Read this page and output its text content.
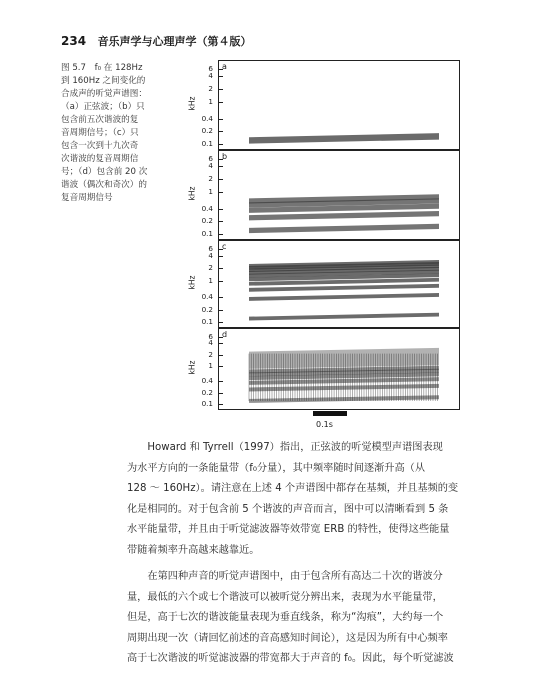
234 音乐声学与心理声学（第４版）
图 5.7　f₀ 在 128Hz
到 160Hz 之间变化的
合成声的听觉声谱图：
（a）正弦波；（b）只
包含前五次谐波的复
音周期信号；（c）只
包含一次到十九次奇
次谐波的复音周期信
号；（d）包含前 20 次
谐波（偶次和奇次）的
复音周期信号
a
b
c
d
0.1s
6
4
2
1
0.4
0.2
0.1
kHz
6
4
2
1
0.4
0.2
0.1
kHz
6
4
2
1
0.4
0.2
0.1
kHz
6
4
2
1
0.4
0.2
0.1
kHz
Howard 和 Tyrrell（1997）指出，正弦波的听觉模型声谱图表现
为水平方向的一条能量带（f₀分量），其中频率随时间逐渐升高（从
128 ～ 160Hz）。请注意在上述 4 个声谱图中都存在基频，并且基频的变
化是相同的。对于包含前 5 个谐波的声音而言，图中可以清晰看到 5 条
水平能量带，并且由于听觉滤波器等效带宽 ERB 的特性，使得这些能量
带随着频率升高越来越靠近。
在第四种声音的听觉声谱图中，由于包含所有高达二十次的谐波分
量，最低的六个或七个谐波可以被听觉分辨出来，表现为水平能量带，
但是，高于七次的谐波能量表现为垂直线条，称为“沟痕”，大约每一个
周期出现一次（请回忆前述的音高感知时间论），这是因为所有中心频率
高于七次谐波的听觉滤波器的带宽都大于声音的 f₀。因此，每个听觉滤波
